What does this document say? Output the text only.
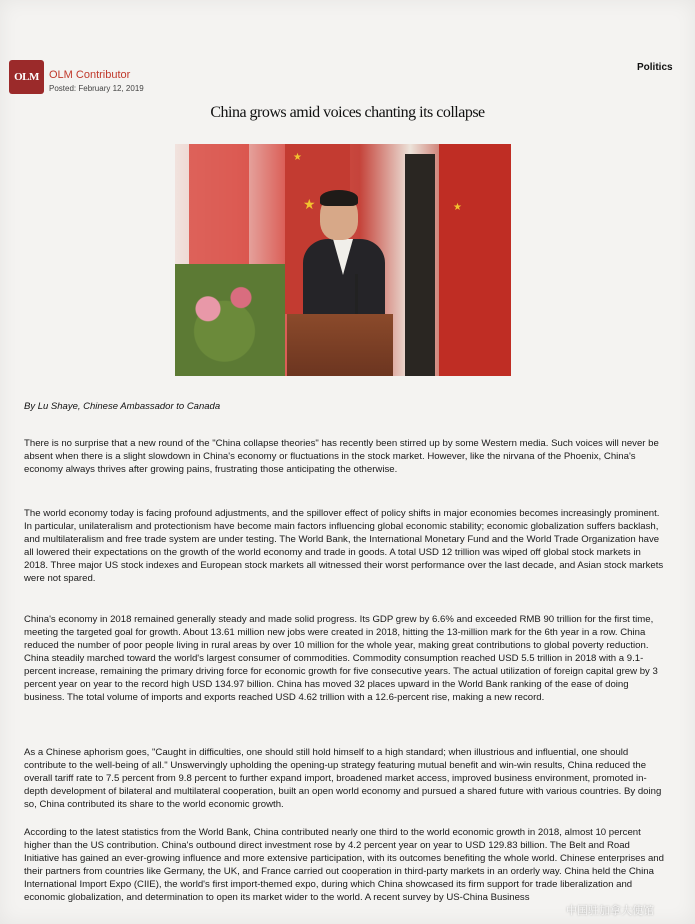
OLM OLM Contributor
Posted: February 12, 2019
Politics
China grows amid voices chanting its collapse
★
★
★
By Lu Shaye, Chinese Ambassador to Canada

There is no surprise that a new round of the "China collapse theories" has recently been stirred up by some Western media. Such voices will never be absent when there is a slight slowdown in China's economy or fluctuations in the stock market. However, like the nirvana of the Phoenix, China's economy always thrives after growing pains, frustrating those anticipating the otherwise.

The world economy today is facing profound adjustments, and the spillover effect of policy shifts in major economies becomes increasingly prominent. In particular, unilateralism and protectionism have become main factors influencing global economic stability; economic globalization suffers backlash, and multilateralism and free trade system are under testing. The World Bank, the International Monetary Fund and the World Trade Organization have all lowered their expectations on the growth of the world economy and trade in goods. A total USD 12 trillion was wiped off global stock markets in 2018. Three major US stock indexes and European stock markets all witnessed their worst performance over the last decade, and Asian stock markets were not spared.

China's economy in 2018 remained generally steady and made solid progress. Its GDP grew by 6.6% and exceeded RMB 90 trillion for the first time, meeting the targeted goal for growth. About 13.61 million new jobs were created in 2018, hitting the 13-million mark for the 6th year in a row. China reduced the number of poor people living in rural areas by over 10 million for the whole year, making great contributions to global poverty reduction. China steadily marched toward the world's largest consumer of commodities. Commodity consumption reached USD 5.5 trillion in 2018 with a 9.1-percent increase, remaining the primary driving force for economic growth for five consecutive years. The actual utilization of foreign capital grew by 3 percent year on year to the record high USD 134.97 billion. China has moved 32 places upward in the World Bank ranking of the ease of doing business. The total volume of imports and exports reached USD 4.62 trillion with a 12.6-percent rise, making a new record.

As a Chinese aphorism goes, "Caught in difficulties, one should still hold himself to a high standard; when illustrious and influential, one should contribute to the well-being of all." Unswervingly upholding the opening-up strategy featuring mutual benefit and win-win results, China reduced the overall tariff rate to 7.5 percent from 9.8 percent to further expand import, broadened market access, improved business environment, promoted in-depth development of bilateral and multilateral cooperation, built an open world economy and pursued a shared future with various countries. By doing so, China contributed its share to the world economic growth.

According to the latest statistics from the World Bank, China contributed nearly one third to the world economic growth in 2018, almost 10 percent higher than the US contribution. China's outbound direct investment rose by 4.2 percent year on year to USD 129.83 billion. The Belt and Road Initiative has gained an ever-growing influence and more extensive participation, with its outcomes benefiting the whole world. Chinese enterprises and their partners from countries like Germany, the UK, and France carried out cooperation in third-party markets in an orderly way. China held the China International Import Expo (CIIE), the world's first import-themed expo, during which China showcased its firm support for trade liberalization and economic globalization, and determination to open its market wider to the world. A recent survey by US-China Business

中国驻加拿大使馆
